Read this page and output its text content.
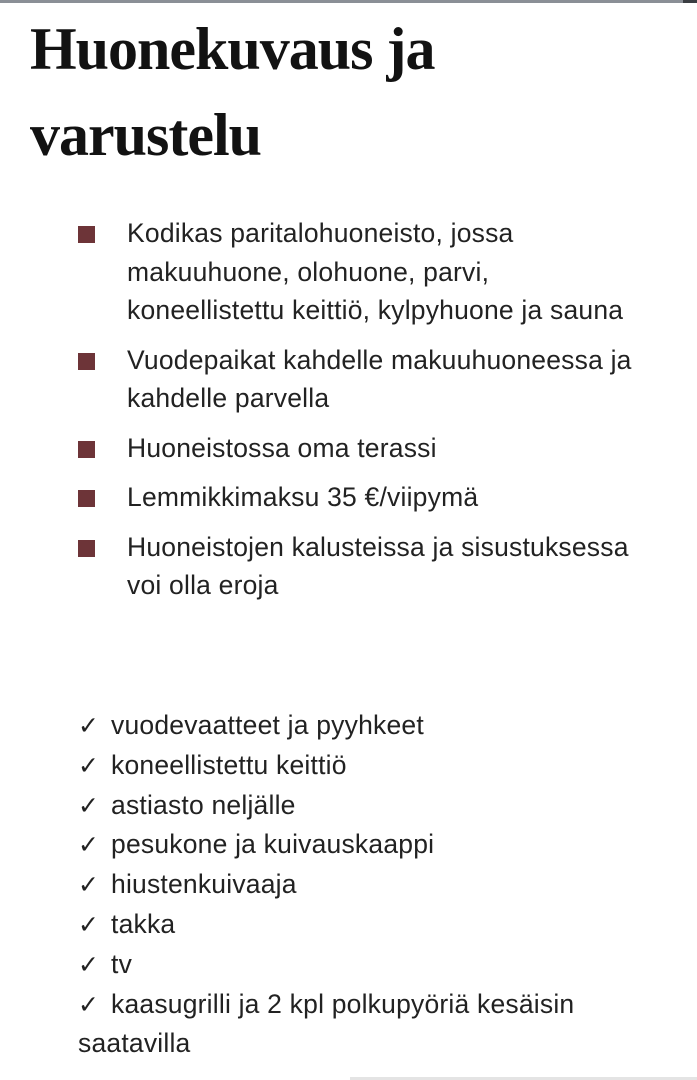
Huonekuvaus ja varustelu
Kodikas paritalohuoneisto, jossa makuuhuone, olohuone, parvi, koneellistettu keittiö, kylpyhuone ja sauna
Vuodepaikat kahdelle makuuhuoneessa ja kahdelle parvella
Huoneistossa oma terassi
Lemmikkimaksu 35 €/viipymä
Huoneistojen kalusteissa ja sisustuksessa voi olla eroja
✓ vuodevaatteet ja pyyhkeet
✓ koneellistettu keittiö
✓ astiasto neljälle
✓ pesukone ja kuivauskaappi
✓ hiustenkuivaaja
✓ takka
✓ tv
✓ kaasugrilli ja 2 kpl polkupyöriä kesäisin saatavilla
